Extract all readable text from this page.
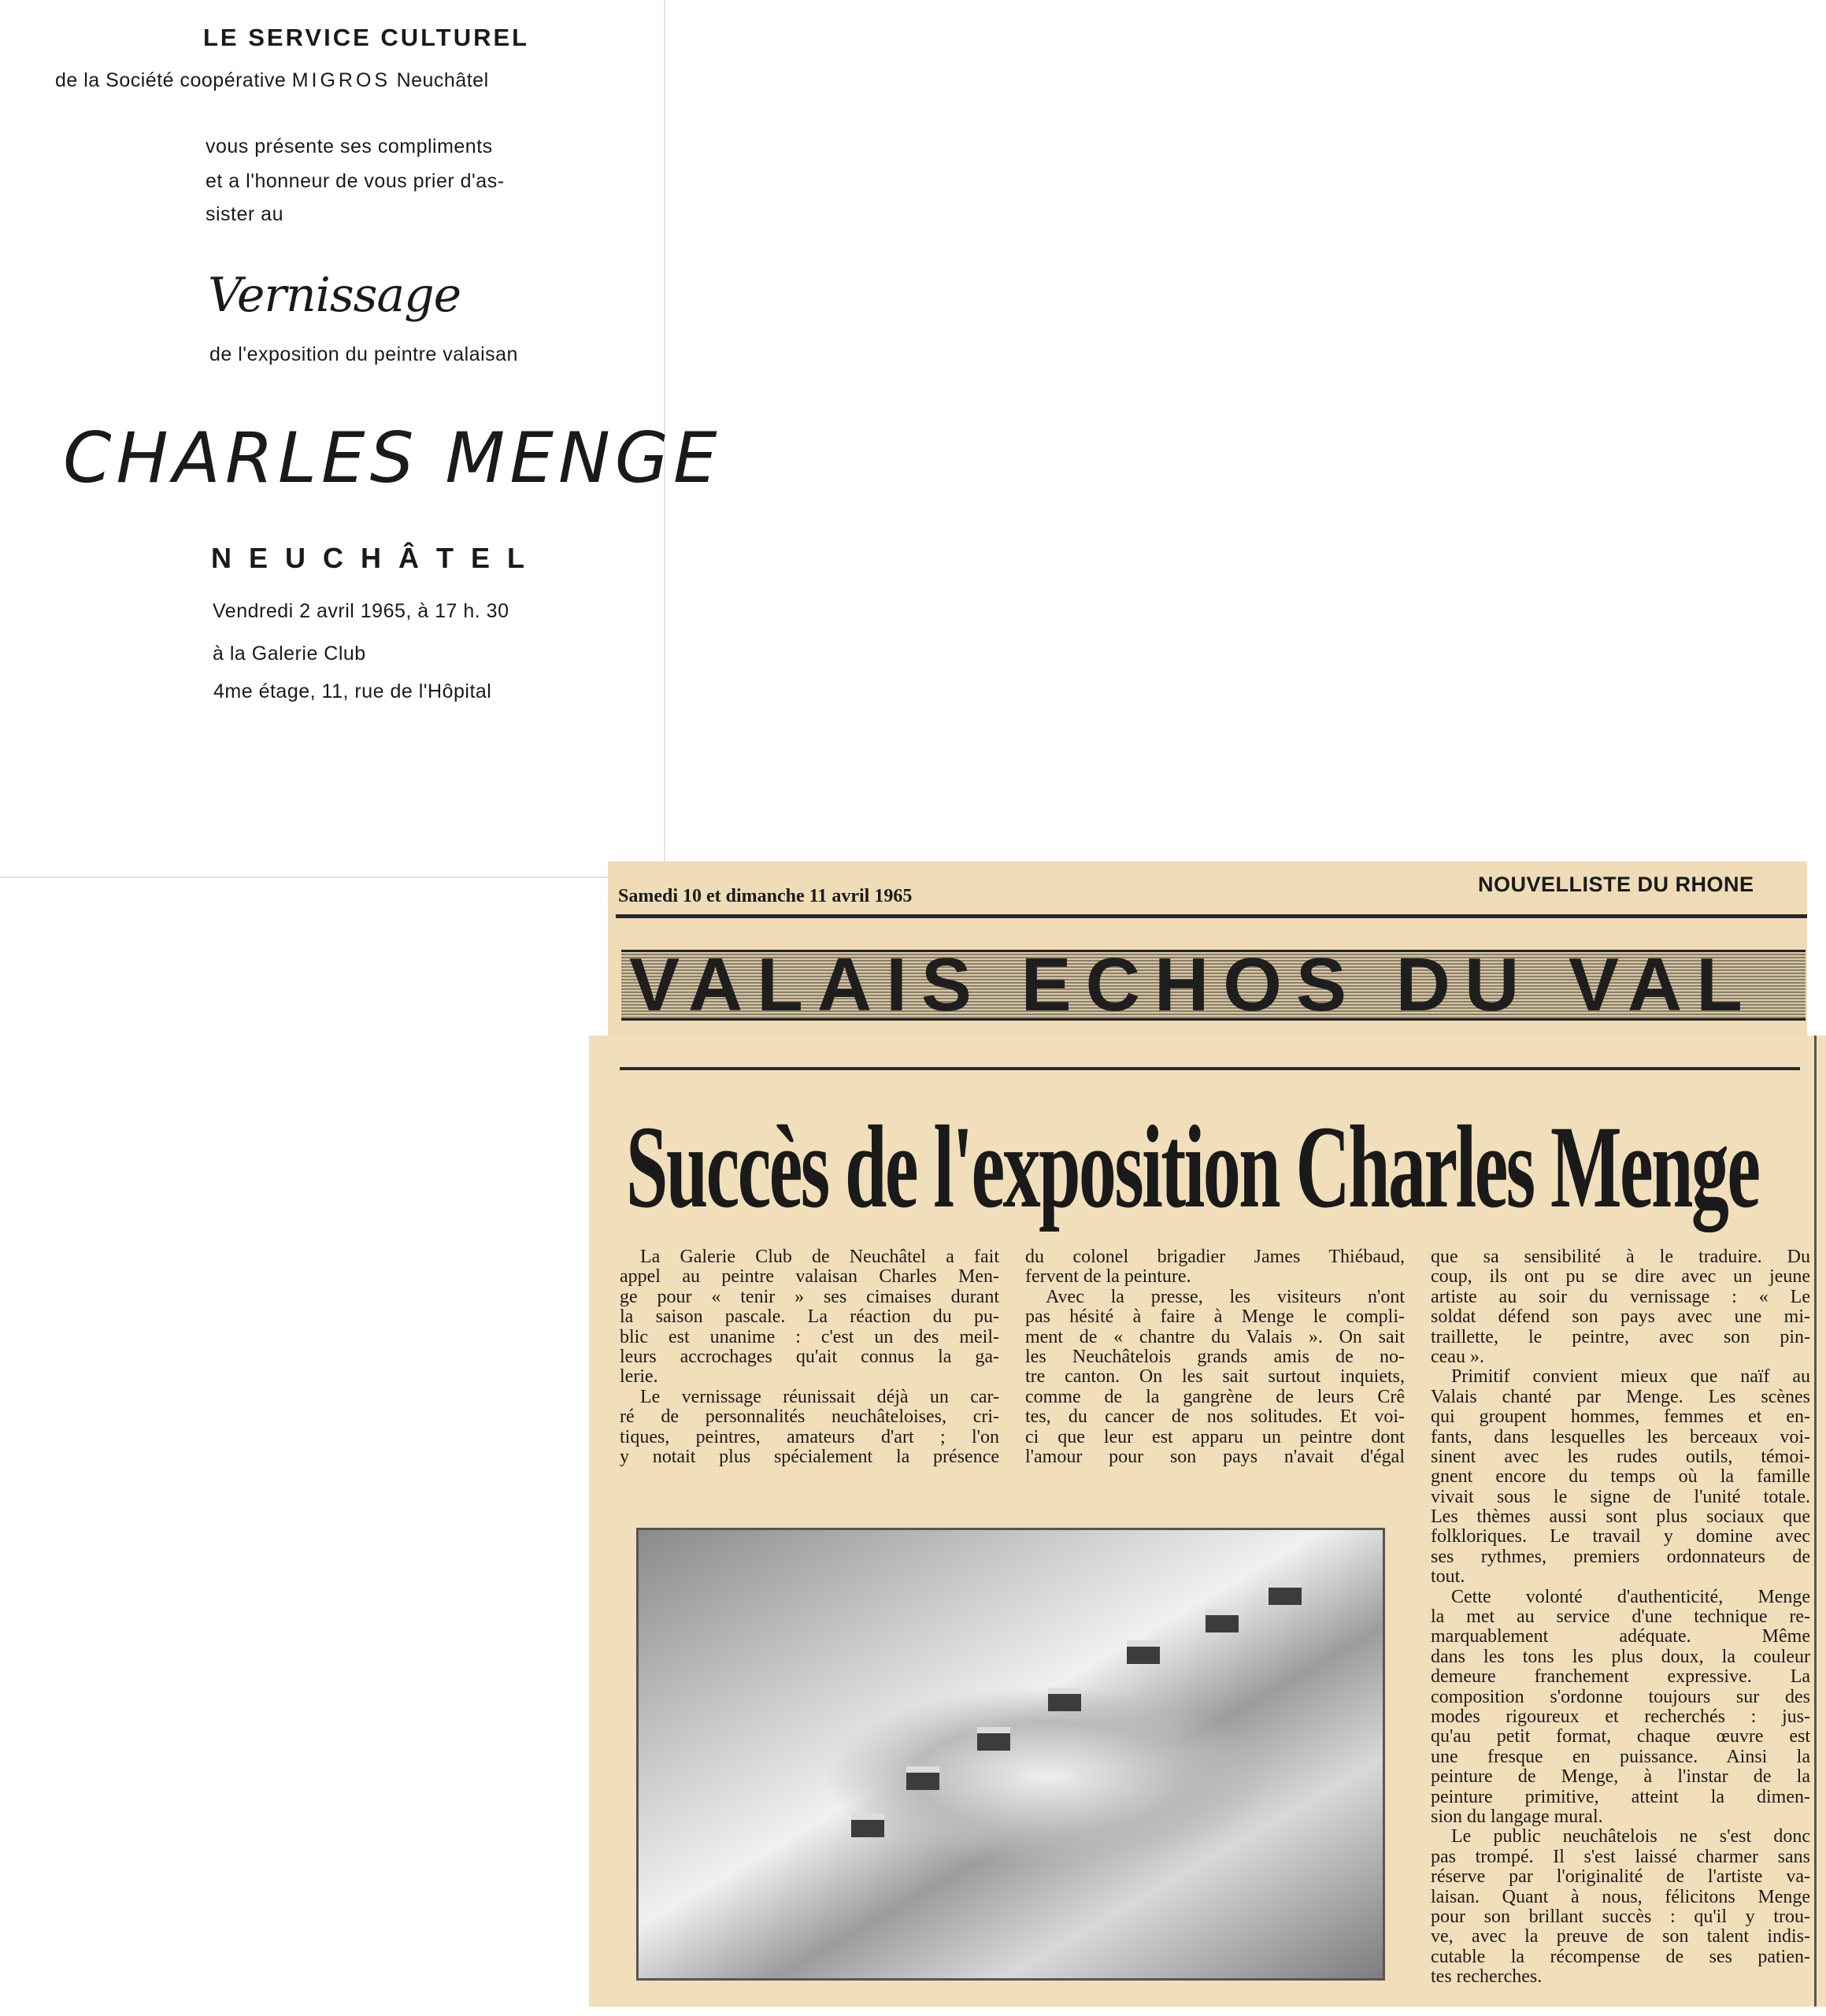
LE SERVICE CULTUREL
de la Société coopérative MIGROS Neuchâtel
vous présente ses compliments
et a l'honneur de vous prier d'as-
sister au
Vernissage
de l'exposition du peintre valaisan
CHARLES MENGE
NEUCHÂTEL
Vendredi 2 avril 1965, à 17 h. 30
à la Galerie Club
4me étage, 11, rue de l'Hôpital
Samedi 10 et dimanche 11 avril 1965	NOUVELLISTE DU RHONE
VALAIS ECHOS DU VAL
Succès de l'exposition Charles Menge
La Galerie Club de Neuchâtel a fait
appel au peintre valaisan Charles Men-
ge pour « tenir » ses cimaises durant
la saison pascale. La réaction du pu-
blic est unanime : c'est un des meil-
leurs accrochages qu'ait connus la ga-
lerie.
Le vernissage réunissait déjà un car-
ré de personnalités neuchâteloises, cri-
tiques, peintres, amateurs d'art ; l'on
y notait plus spécialement la présence
du colonel brigadier James Thiébaud,
fervent de la peinture.
Avec la presse, les visiteurs n'ont
pas hésité à faire à Menge le compli-
ment de « chantre du Valais ». On sait
les Neuchâtelois grands amis de no-
tre canton. On les sait surtout inquiets,
comme de la gangrène de leurs Crê
tes, du cancer de nos solitudes. Et voi-
ci que leur est apparu un peintre dont
l'amour pour son pays n'avait d'égal
que sa sensibilité à le traduire. Du
coup, ils ont pu se dire avec un jeune
artiste au soir du vernissage : « Le
soldat défend son pays avec une mi-
traillette, le peintre, avec son pin-
ceau ».
Primitif convient mieux que naïf au
Valais chanté par Menge. Les scènes
qui groupent hommes, femmes et en-
fants, dans lesquelles les berceaux voi-
sinent avec les rudes outils, témoi-
gnent encore du temps où la famille
vivait sous le signe de l'unité totale.
Les thèmes aussi sont plus sociaux que
folkloriques. Le travail y domine avec
ses rythmes, premiers ordonnateurs de
tout.
Cette volonté d'authenticité, Menge
la met au service d'une technique re-
marquablement adéquate. Même
dans les tons les plus doux, la couleur
demeure franchement expressive. La
composition s'ordonne toujours sur des
modes rigoureux et recherchés : jus-
qu'au petit format, chaque œuvre est
une fresque en puissance. Ainsi la
peinture de Menge, à l'instar de la
peinture primitive, atteint la dimen-
sion du langage mural.
Le public neuchâtelois ne s'est donc
pas trompé. Il s'est laissé charmer sans
réserve par l'originalité de l'artiste va-
laisan. Quant à nous, félicitons Menge
pour son brillant succès : qu'il y trou-
ve, avec la preuve de son talent indis-
cutable la récompense de ses patien-
tes recherches.
